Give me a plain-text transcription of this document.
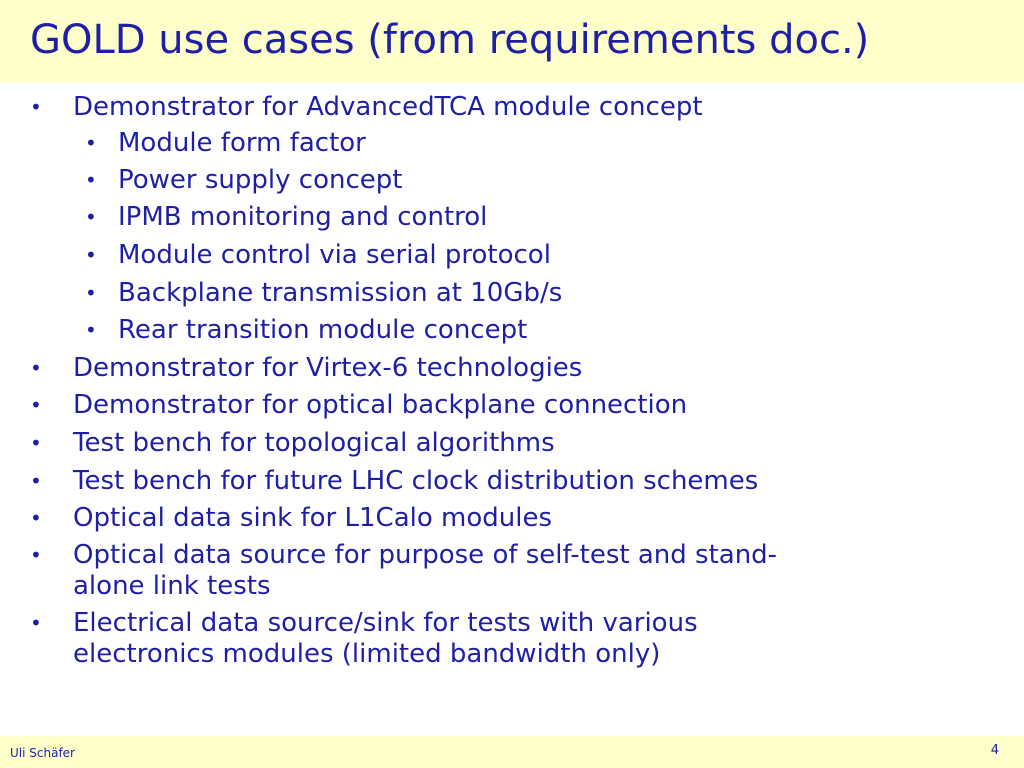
GOLD use cases (from requirements doc.)
• Demonstrator for AdvancedTCA module concept
• Module form factor
• Power supply concept
• IPMB monitoring and control
• Module control via serial protocol
• Backplane transmission at 10Gb/s
• Rear transition module concept
• Demonstrator for Virtex-6 technologies
• Demonstrator for optical backplane connection
• Test bench for topological algorithms
• Test bench for future LHC clock distribution schemes
• Optical data sink for L1Calo modules
• Optical data source for purpose of self-test and stand-
alone link tests
• Electrical data source/sink for tests with various
electronics modules (limited bandwidth only)
Uli Schäfer	4
